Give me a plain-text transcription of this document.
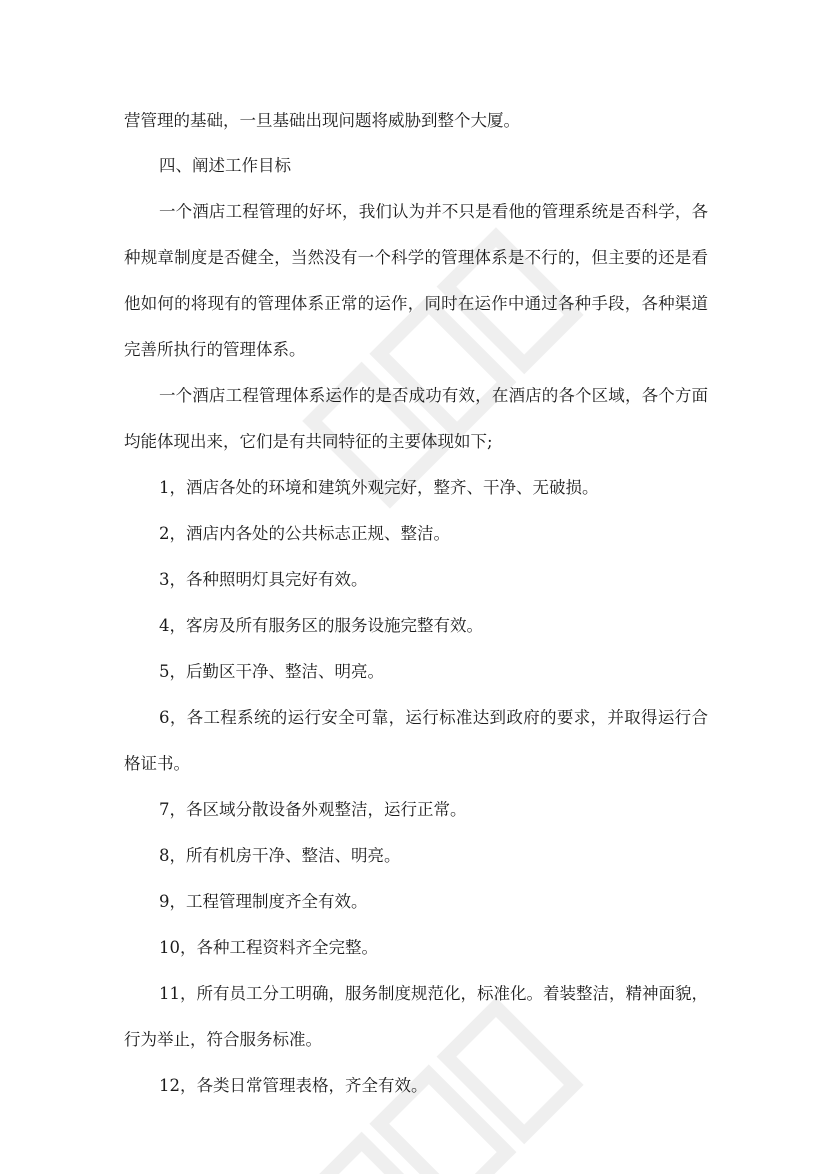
营管理的基础，一旦基础出现问题将威胁到整个大厦。
四、阐述工作目标
一个酒店工程管理的好坏，我们认为并不只是看他的管理系统是否科学，各
种规章制度是否健全，当然没有一个科学的管理体系是不行的，但主要的还是看
他如何的将现有的管理体系正常的运作，同时在运作中通过各种手段，各种渠道
完善所执行的管理体系。
一个酒店工程管理体系运作的是否成功有效，在酒店的各个区域，各个方面
均能体现出来，它们是有共同特征的主要体现如下;
1，酒店各处的环境和建筑外观完好，整齐、干净、无破损。
2，酒店内各处的公共标志正规、整洁。
3，各种照明灯具完好有效。
4，客房及所有服务区的服务设施完整有效。
5，后勤区干净、整洁、明亮。
6，各工程系统的运行安全可靠，运行标准达到政府的要求，并取得运行合
格证书。
7，各区域分散设备外观整洁，运行正常。
8，所有机房干净、整洁、明亮。
9，工程管理制度齐全有效。
10，各种工程资料齐全完整。
11，所有员工分工明确，服务制度规范化，标准化。着装整洁，精神面貌，
行为举止，符合服务标准。
12，各类日常管理表格，齐全有效。
